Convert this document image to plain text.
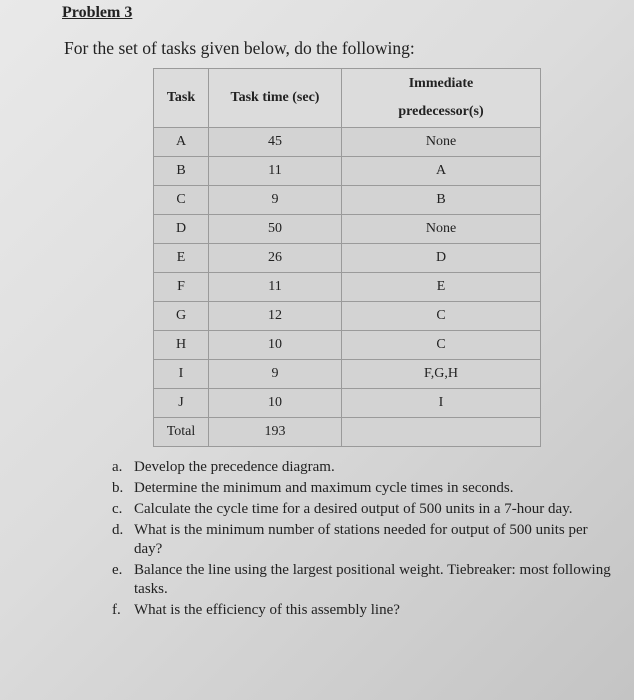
Problem 3
For the set of tasks given below, do the following:
Task	Task time (sec)	Immediate
predecessor(s)

A	45	None
B	11	A
C	9	B
D	50	None
E	26	D
F	11	E
G	12	C
H	10	C
I	9	F,G,H
J	10	I
Total	193	
a. Develop the precedence diagram.
b. Determine the minimum and maximum cycle times in seconds.
c. Calculate the cycle time for a desired output of 500 units in a 7-hour day.
d. What is the minimum number of stations needed for output of 500 units per day?
e. Balance the line using the largest positional weight. Tiebreaker: most following tasks.
f. What is the efficiency of this assembly line?
